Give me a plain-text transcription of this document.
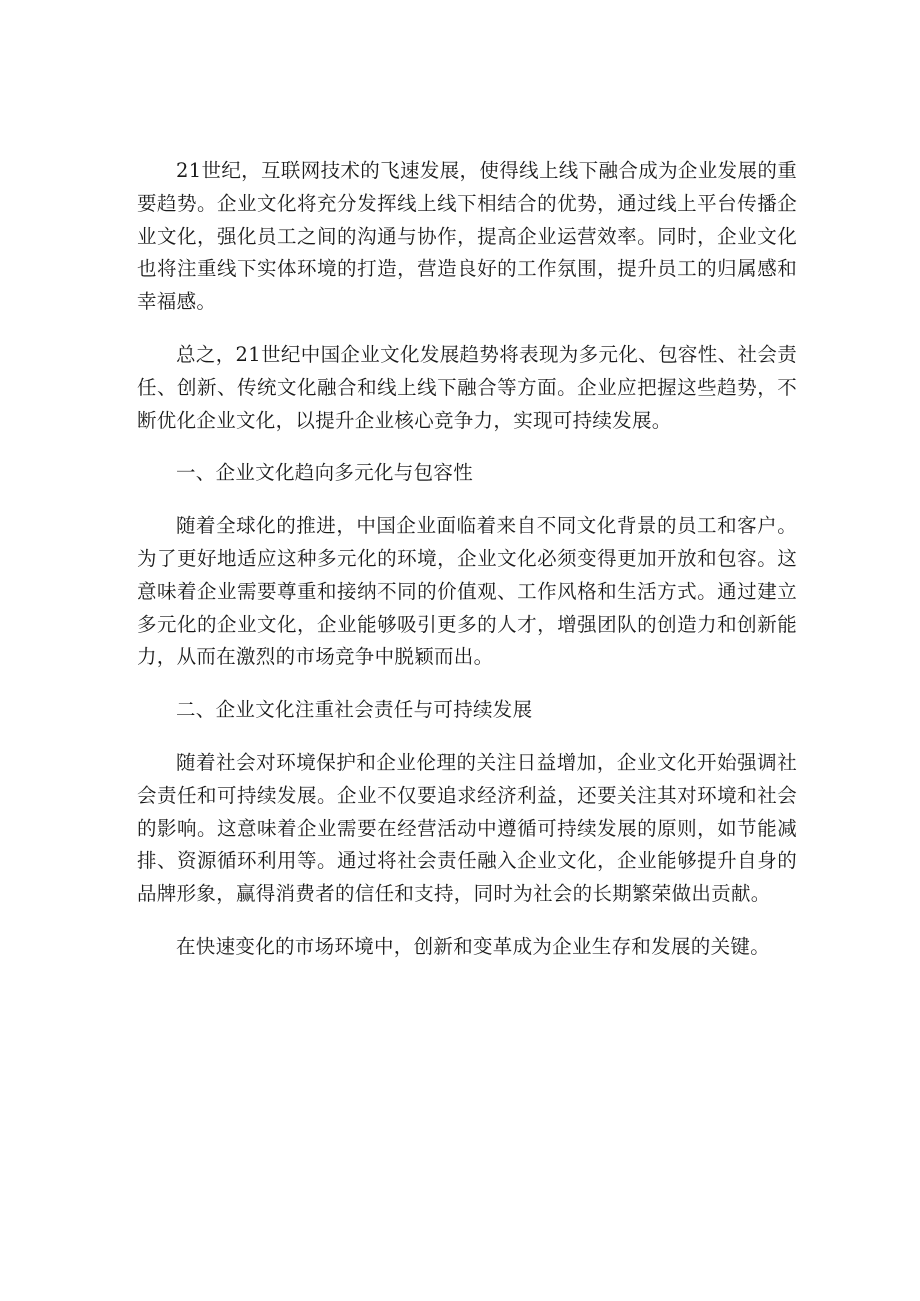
21世纪，互联网技术的飞速发展，使得线上线下融合成为企业发展的重要趋势。企业文化将充分发挥线上线下相结合的优势，通过线上平台传播企业文化，强化员工之间的沟通与协作，提高企业运营效率。同时，企业文化也将注重线下实体环境的打造，营造良好的工作氛围，提升员工的归属感和幸福感。

总之，21世纪中国企业文化发展趋势将表现为多元化、包容性、社会责任、创新、传统文化融合和线上线下融合等方面。企业应把握这些趋势，不断优化企业文化，以提升企业核心竞争力，实现可持续发展。

一、企业文化趋向多元化与包容性

随着全球化的推进，中国企业面临着来自不同文化背景的员工和客户。为了更好地适应这种多元化的环境，企业文化必须变得更加开放和包容。这意味着企业需要尊重和接纳不同的价值观、工作风格和生活方式。通过建立多元化的企业文化，企业能够吸引更多的人才，增强团队的创造力和创新能力，从而在激烈的市场竞争中脱颖而出。

二、企业文化注重社会责任与可持续发展

随着社会对环境保护和企业伦理的关注日益增加，企业文化开始强调社会责任和可持续发展。企业不仅要追求经济利益，还要关注其对环境和社会的影响。这意味着企业需要在经营活动中遵循可持续发展的原则，如节能减排、资源循环利用等。通过将社会责任融入企业文化，企业能够提升自身的品牌形象，赢得消费者的信任和支持，同时为社会的长期繁荣做出贡献。

在快速变化的市场环境中，创新和变革成为企业生存和发展的关键。
